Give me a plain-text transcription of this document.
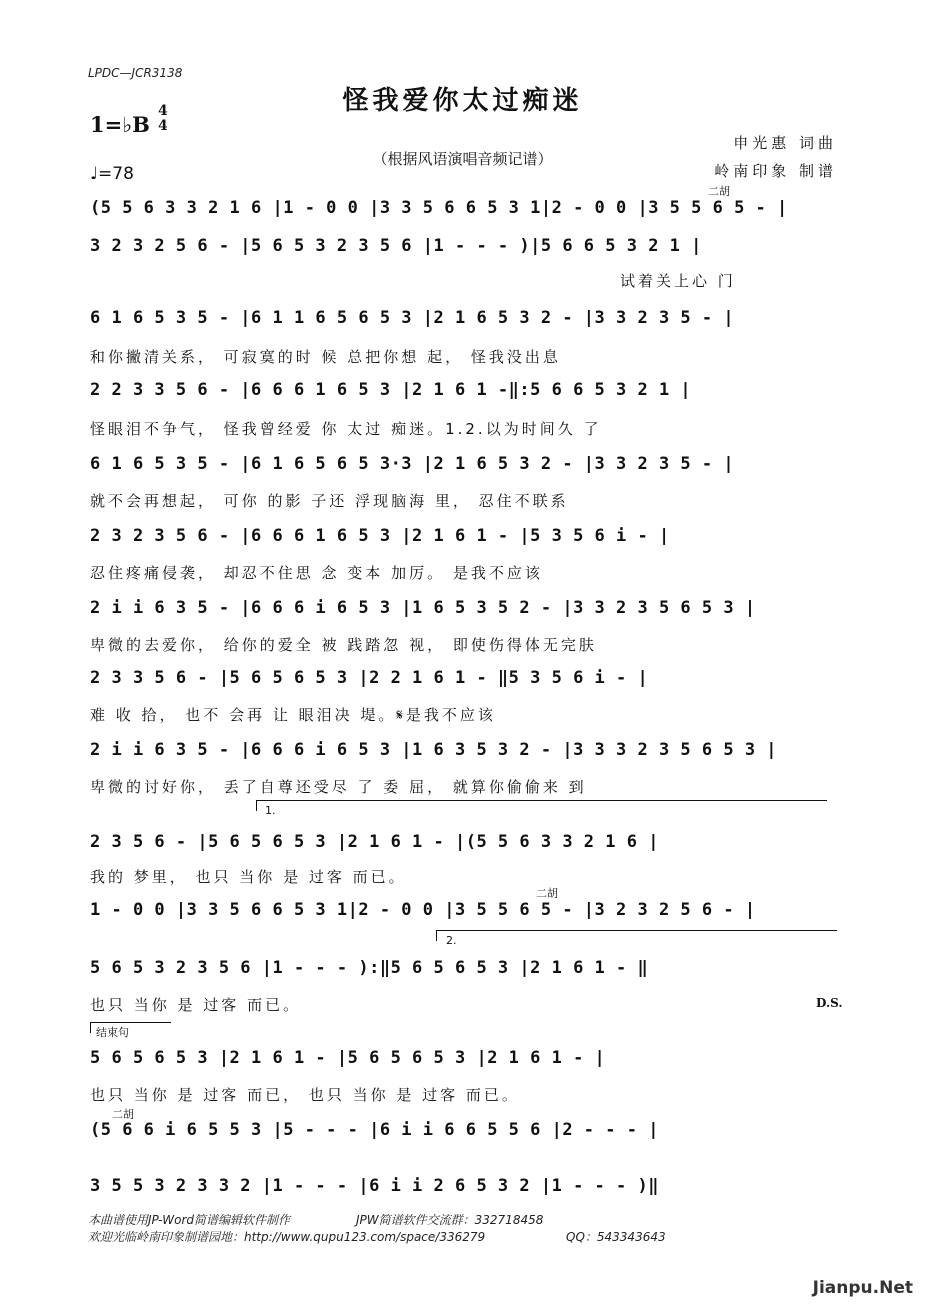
LPDC—JCR3138
怪我爱你太过痴迷
1=♭B
4
4
（根据风语演唱音频记谱）
申光惠 词曲
岭南印象 制谱
♩=78
二胡
(5 5 6 3 3 2 1 6 |1 - 0 0 |3 3 5 6 6 5 3 1|2 - 0 0 |3 5 5 6 5 - |
3 2 3 2 5 6 - |5 6 5 3 2 3 5 6 |1 - - - )|5 6 6 5 3 2 1 |
试着关上心 门
6 1 6 5 3 5 - |6 1 1 6 5 6 5 3 |2 1 6 5 3 2 - |3 3 2 3 5 - |
和你撇清关系， 可寂寞的时 候 总把你想 起， 怪我没出息
2 2 3 3 5 6 - |6 6 6 1 6 5 3 |2 1 6 1 -‖:5 6 6 5 3 2 1 |
怪眼泪不争气， 怪我曾经爱 你 太过 痴迷。1.2.以为时间久 了
6 1 6 5 3 5 - |6 1 6 5 6 5 3·3 |2 1 6 5 3 2 - |3 3 2 3 5 - |
就不会再想起， 可你 的影 子还 浮现脑海 里， 忍住不联系
2 3 2 3 5 6 - |6 6 6 1 6 5 3 |2 1 6 1 - |5 3 5 6 i - |
忍住疼痛侵袭， 却忍不住思 念 变本 加厉。 是我不应该
2 i i 6 3 5 - |6 6 6 i 6 5 3 |1 6 5 3 5 2 - |3 3 2 3 5 6 5 3 |
卑微的去爱你， 给你的爱全 被 践踏忽 视， 即使伤得体无完肤
2 3 3 5 6 - |5 6 5 6 5 3 |2 2 1 6 1 - ‖5 3 5 6 i - |
难 收 拾， 也不 会再 让 眼泪决 堤。𝄋是我不应该
2 i i 6 3 5 - |6 6 6 i 6 5 3 |1 6 3 5 3 2 - |3 3 3 2 3 5 6 5 3 |
卑微的讨好你， 丢了自尊还受尽 了 委 屈， 就算你偷偷来 到
1.
2 3 5 6 - |5 6 5 6 5 3 |2 1 6 1 - |(5 5 6 3 3 2 1 6 |
我的 梦里， 也只 当你 是 过客 而已。
二胡
1 - 0 0 |3 3 5 6 6 5 3 1|2 - 0 0 |3 5 5 6 5 - |3 2 3 2 5 6 - |
2.
5 6 5 3 2 3 5 6 |1 - - - ):‖5 6 5 6 5 3 |2 1 6 1 - ‖
也只 当你 是 过客 而已。	D.S.
结束句
5 6 5 6 5 3 |2 1 6 1 - |5 6 5 6 5 3 |2 1 6 1 - |
也只 当你 是 过客 而已， 也只 当你 是 过客 而已。
二胡
(5 6 6 i 6 5 5 3 |5 - - - |6 i i 6 6 5 5 6 |2 - - - |
3 5 5 3 2 3 3 2 |1 - - - |6 i i 2 6 5 3 2 |1 - - - )‖
本曲谱使用JP-Word简谱编辑软件制作	JPW简谱软件交流群：332718458
欢迎光临岭南印象制谱园地：http://www.qupu123.com/space/336279	QQ：543343643
Jianpu.Net
